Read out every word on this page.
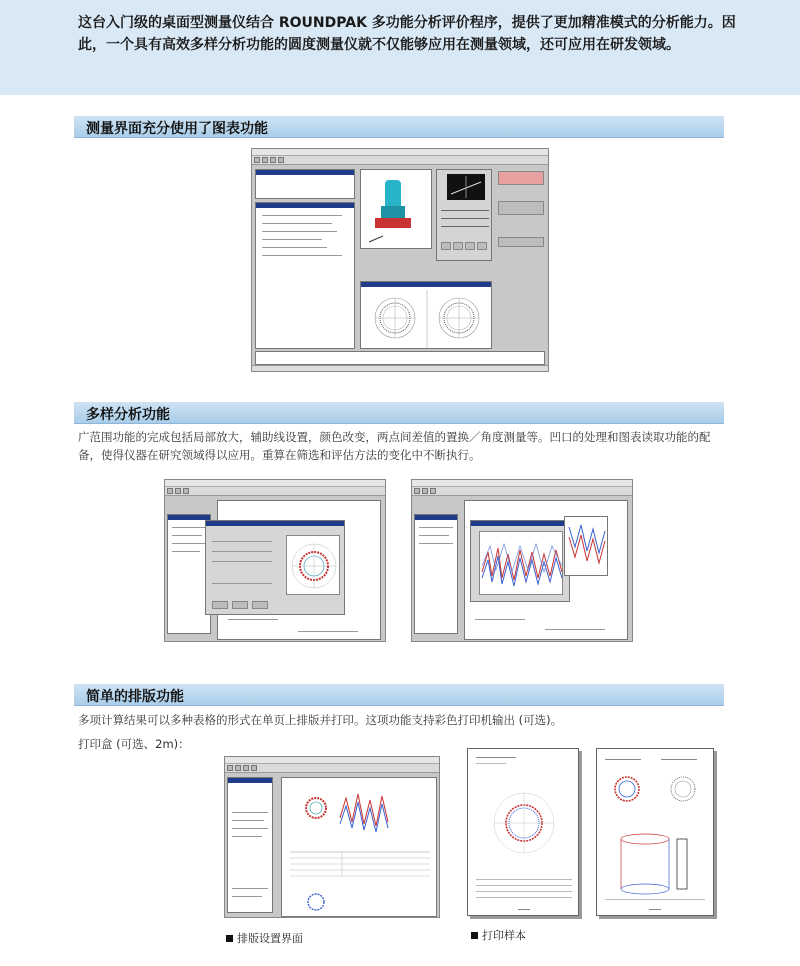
这台入门级的桌面型测量仪结合 ROUNDPAK 多功能分析评价程序，提供了更加精准模式的分析能力。因此，一个具有高效多样分析功能的圆度测量仪就不仅能够应用在测量领域，还可应用在研发领域。

测量界面充分使用了图表功能
多样分析功能

广范围功能的完成包括局部放大，辅助线设置，颜色改变，两点间差值的置换／角度测量等。凹口的处理和图表读取功能的配备，使得仪器在研究领域得以应用。重算在筛选和评估方法的变化中不断执行。

简单的排版功能

多项计算结果可以多种表格的形式在单页上排版并打印。这项功能支持彩色打印机输出 (可选)。

打印盒 (可选、2m)：

排版设置界面	打印样本
